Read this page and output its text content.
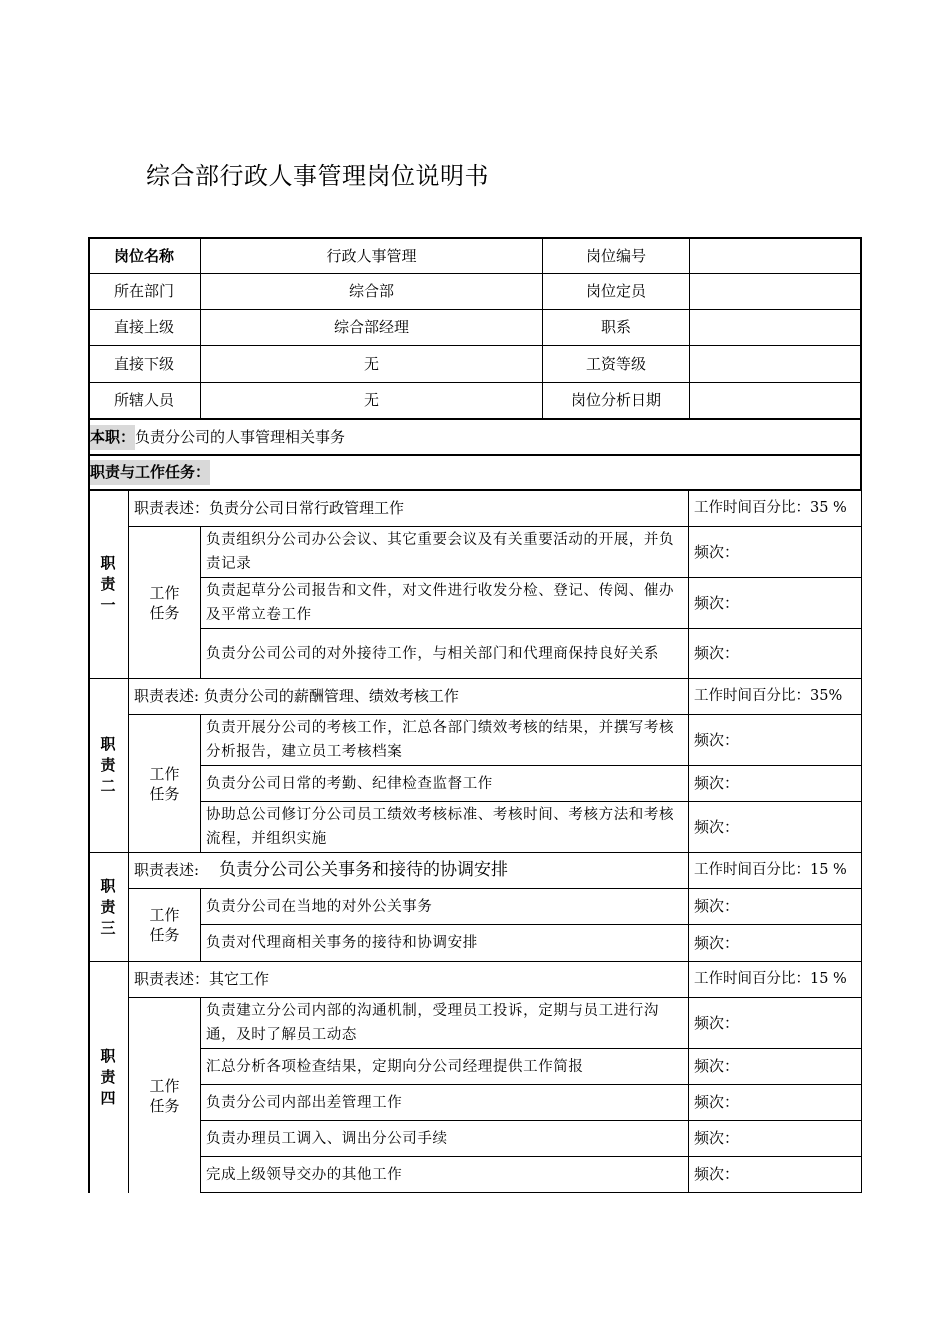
综合部行政人事管理岗位说明书
岗位名称	行政人事管理	岗位编号
所在部门	综合部	岗位定员
直接上级	综合部经理	职系
直接下级	无	工资等级
所辖人员	无	岗位分析日期
本职： 负责分公司的人事管理相关事务
职责与工作任务：
职
责
一
职责表述：负责分公司日常行政管理工作	工作时间百分比：35 %
工作
任务
负责组织分公司办公会议、其它重要会议及有关重要活动的开展，并负责记录
频次：
负责起草分公司报告和文件，对文件进行收发分检、登记、传阅、催办及平常立卷工作
频次：
负责分公司公司的对外接待工作，与相关部门和代理商保持良好关系	频次：
职
责
二
职责表述: 负责分公司的薪酬管理、绩效考核工作	工作时间百分比：35%
工作
任务
负责开展分公司的考核工作，汇总各部门绩效考核的结果，并撰写考核分析报告，建立员工考核档案
频次：
负责分公司日常的考勤、纪律检查监督工作	频次：
协助总公司修订分公司员工绩效考核标准、考核时间、考核方法和考核流程，并组织实施
频次：
职
责
三
职责表述: 负责分公司公关事务和接待的协调安排	工作时间百分比：15 %
工作
任务
负责分公司在当地的对外公关事务	频次：
负责对代理商相关事务的接待和协调安排	频次：
职
责
四
职责表述：其它工作	工作时间百分比：15 %
工作
任务
负责建立分公司内部的沟通机制，受理员工投诉，定期与员工进行沟通，及时了解员工动态
频次：
汇总分析各项检查结果，定期向分公司经理提供工作简报	频次：
负责分公司内部出差管理工作	频次：
负责办理员工调入、调出分公司手续	频次：
完成上级领导交办的其他工作	频次：
